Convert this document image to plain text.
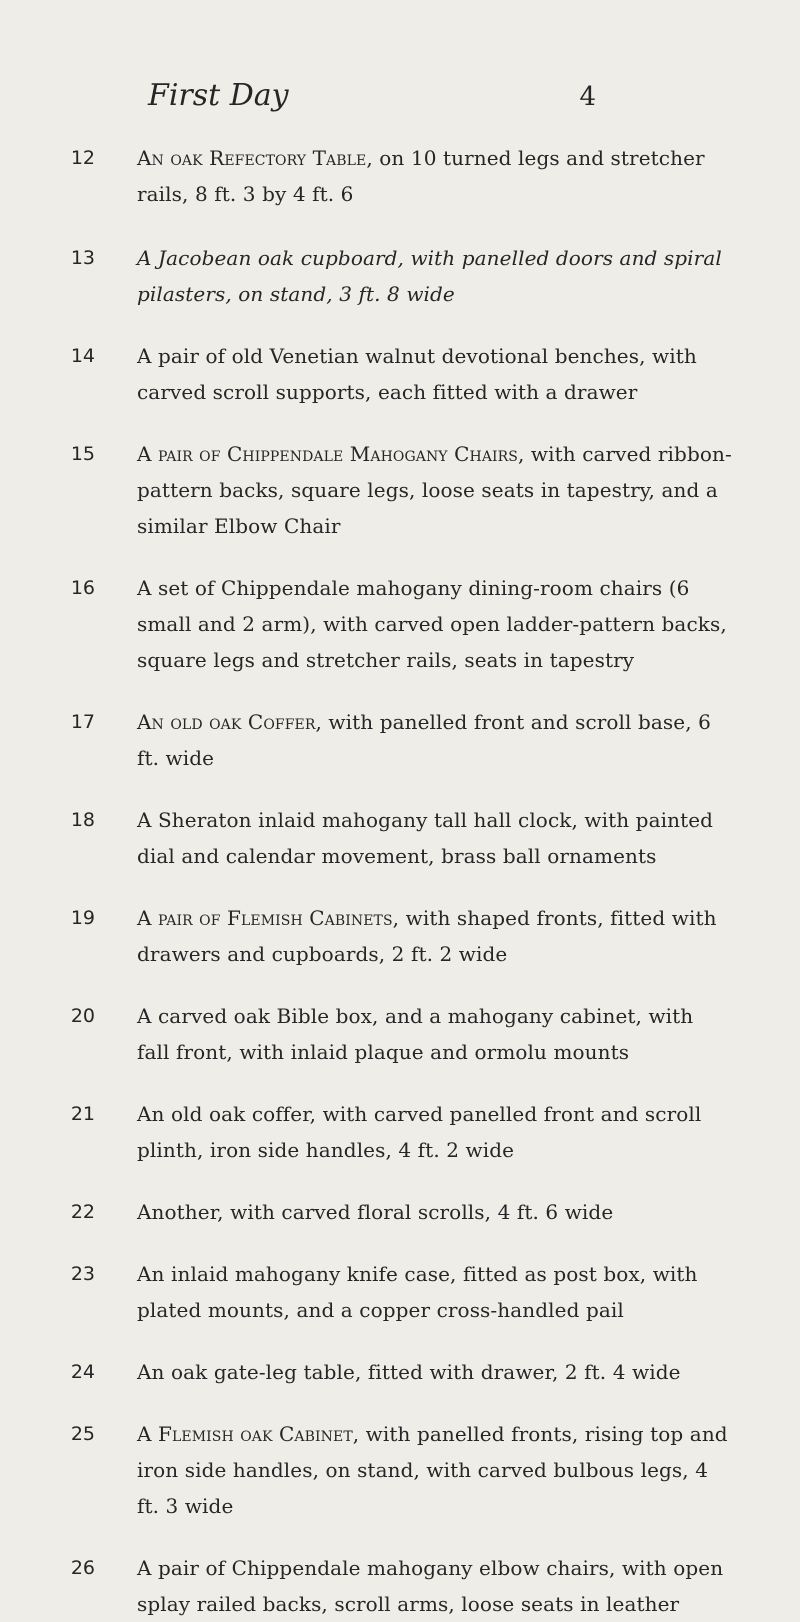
First Day	4
12 An oak Refectory Table, on 10 turned legs and stretcher rails, 8 ft. 3 by 4 ft. 6
13 A Jacobean oak cupboard, with panelled doors and spiral pilasters, on stand, 3 ft. 8 wide
14 A pair of old Venetian walnut devotional benches, with carved scroll supports, each fitted with a drawer
15 A pair of Chippendale Mahogany Chairs, with carved ribbon-pattern backs, square legs, loose seats in tapestry, and a similar Elbow Chair
16 A set of Chippendale mahogany dining-room chairs (6 small and 2 arm), with carved open ladder-pattern backs, square legs and stretcher rails, seats in tapestry
17 An old oak Coffer, with panelled front and scroll base, 6 ft. wide
18 A Sheraton inlaid mahogany tall hall clock, with painted dial and calendar movement, brass ball ornaments
19 A pair of Flemish Cabinets, with shaped fronts, fitted with drawers and cupboards, 2 ft. 2 wide
20 A carved oak Bible box, and a mahogany cabinet, with fall front, with inlaid plaque and ormolu mounts
21 An old oak coffer, with carved panelled front and scroll plinth, iron side handles, 4 ft. 2 wide
22 Another, with carved floral scrolls, 4 ft. 6 wide
23 An inlaid mahogany knife case, fitted as post box, with plated mounts, and a copper cross-handled pail
24 An oak gate-leg table, fitted with drawer, 2 ft. 4 wide
25 A Flemish oak Cabinet, with panelled fronts, rising top and iron side handles, on stand, with carved bulbous legs, 4 ft. 3 wide
26 A pair of Chippendale mahogany elbow chairs, with open splay railed backs, scroll arms, loose seats in leather
